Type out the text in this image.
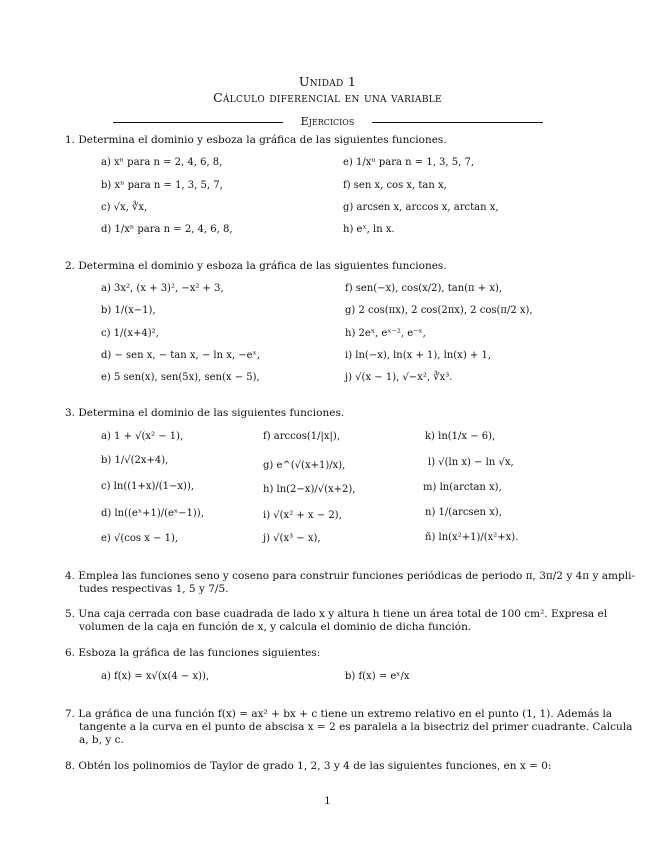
Unidad 1
Cálculo diferencial en una variable
Ejercicios
1. Determina el dominio y esboza la gráfica de las siguientes funciones.
a) xⁿ para n = 2, 4, 6, 8,
b) xⁿ para n = 1, 3, 5, 7,
c) √x, ∛x,
d) 1/xⁿ para n = 2, 4, 6, 8,
e) 1/xⁿ para n = 1, 3, 5, 7,
f) sen x, cos x, tan x,
g) arcsen x, arccos x, arctan x,
h) eˣ, ln x.
2. Determina el dominio y esboza la gráfica de las siguientes funciones.
a) 3x², (x + 3)², −x² + 3,
b) 1/(x−1),
c) 1/(x+4)²,
d) − sen x, − tan x, − ln x, −eˣ,
e) 5 sen(x), sen(5x), sen(x − 5),
f) sen(−x), cos(x/2), tan(π + x),
g) 2 cos(πx), 2 cos(2πx), 2 cos(π/2 x),
h) 2eˣ, eˣ⁻², e⁻ˣ,
i) ln(−x), ln(x + 1), ln(x) + 1,
j) √(x − 1), √−x², ∛x³.
3. Determina el dominio de las siguientes funciones.
a) 1 + √(x² − 1),
b) 1/√(2x+4),
c) ln((1+x)/(1−x)),
d) ln((eˣ+1)/(eˣ−1)),
e) √(cos x − 1),
f) arccos(1/|x|),
g) e^(√(x+1)/x),
h) ln(2−x)/√(x+2),
i) √(x² + x − 2),
j) √(x³ − x),
k) ln(1/x − 6),
l) √(ln x) − ln √x,
m) ln(arctan x),
n) 1/(arcsen x),
ñ) ln(x²+1)/(x²+x).
4. Emplea las funciones seno y coseno para construir funciones periódicas de periodo π, 3π/2 y 4π y ampli-
tudes respectivas 1, 5 y 7/5.
5. Una caja cerrada con base cuadrada de lado x y altura h tiene un área total de 100 cm². Expresa el
volumen de la caja en función de x, y calcula el dominio de dicha función.
6. Esboza la gráfica de las funciones siguientes:
a) f(x) = x√(x(4 − x)),	b) f(x) = eˣ/x
7. La gráfica de una función f(x) = ax² + bx + c tiene un extremo relativo en el punto (1, 1). Además la
tangente a la curva en el punto de abscisa x = 2 es paralela a la bisectriz del primer cuadrante. Calcula
a, b, y c.
8. Obtén los polinomios de Taylor de grado 1, 2, 3 y 4 de las siguientes funciones, en x = 0:
1
